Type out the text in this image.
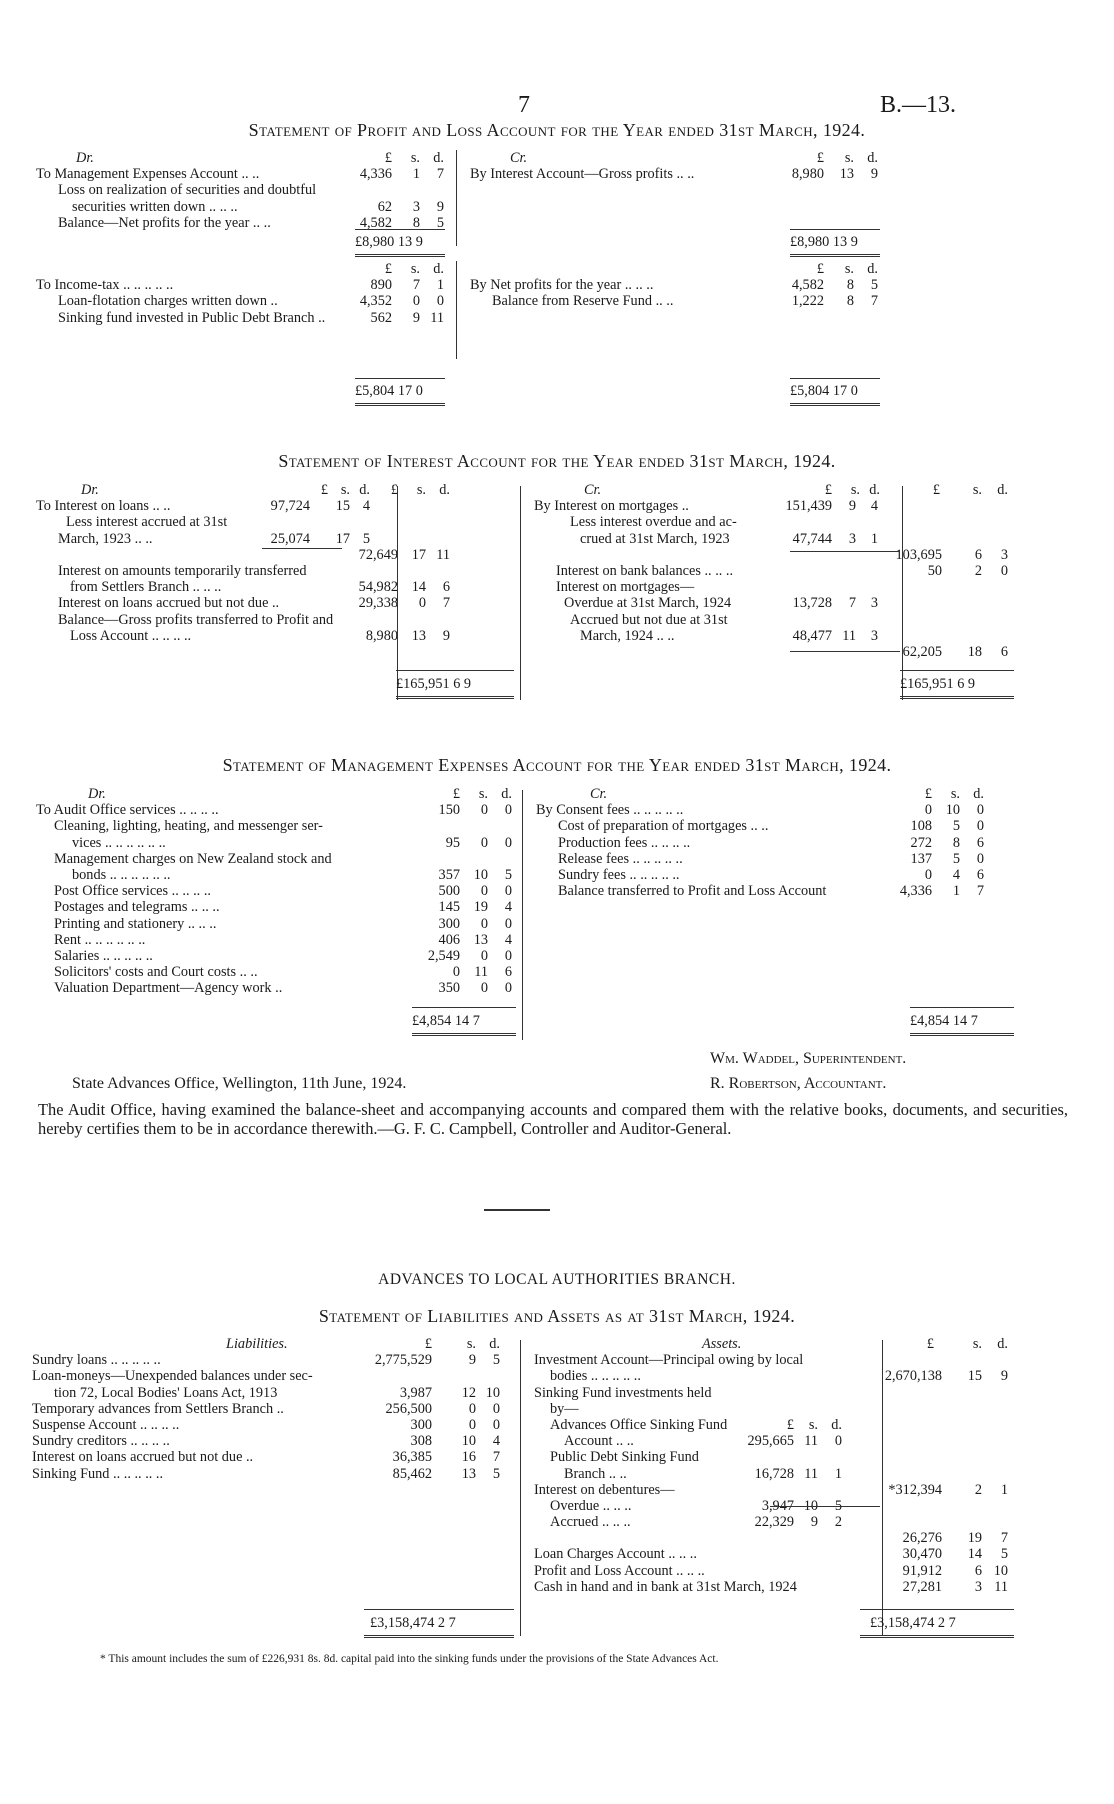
7	B.—13.
Statement of Profit and Loss Account for the Year ended 31st March, 1924.
Dr.	£	s. d.
To Management Expenses Account .. ..	4,336	1	7
Loss on realization of securities and doubtful
securities written down .. .. ..	62	3	9
Balance—Net profits for the year .. ..	4,582	8	5
Cr.	£	s. d.
By Interest Account—Gross profits .. ..	8,980	13	9
£8,980 13 9	£8,980 13 9
£	s. d.
To Income-tax .. .. .. .. ..	890	7	1
Loan-flotation charges written down ..	4,352	0	0
Sinking fund invested in Public Debt Branch ..	562	9 11
£	s. d.
By Net profits for the year .. .. ..	4,582	8	5
Balance from Reserve Fund .. ..	1,222	8	7
£5,804 17 0	£5,804 17 0
Statement of Interest Account for the Year ended 31st March, 1924.
Dr.	£ s. d.	£	s. d.
To Interest on loans .. ..	97,724	15 4
Less interest accrued at 31st
March, 1923 .. ..	25,074	17 5
72,649 17 11
Interest on amounts temporarily transferred
from Settlers Branch .. .. ..	54,982 14	6
Interest on loans accrued but not due ..	29,338	0	7
Balance—Gross profits transferred to Profit and
Loss Account .. .. .. ..	8,980 13	9
Cr.	£	s. d.	£	s.	d.
By Interest on mortgages ..	151,439	9	4
Less interest overdue and ac-
crued at 31st March, 1923	47,744	3	1
103,695	6	3
Interest on bank balances .. .. ..	50	2	0
Interest on mortgages—
Overdue at 31st March, 1924	13,728	7	3
Accrued but not due at 31st
March, 1924 .. ..	48,477 11	3
62,205	18	6
£165,951 6 9	£165,951 6 9
Statement of Management Expenses Account for the Year ended 31st March, 1924.
Dr.	£	s. d.
To Audit Office services .. .. .. ..	150	0	0
Cleaning, lighting, heating, and messenger ser-
vices .. .. .. .. .. ..	95	0	0
Management charges on New Zealand stock and
bonds .. .. .. .. .. ..	357 10	5
Post Office services .. .. .. ..	500	0	0
Postages and telegrams .. .. ..	145 19	4
Printing and stationery .. .. ..	300	0	0
Rent .. .. .. .. .. ..	406 13	4
Salaries .. .. .. .. ..	2,549	0	0
Solicitors' costs and Court costs .. ..	0 11	6
Valuation Department—Agency work ..	350	0	0
Cr.	£	s. d.
By Consent fees .. .. .. .. ..	0 10	0
Cost of preparation of mortgages .. ..	108	5	0
Production fees .. .. .. ..	272	8	6
Release fees .. .. .. .. ..	137	5	0
Sundry fees .. .. .. .. ..	0	4	6
Balance transferred to Profit and Loss Account	4,336	1	7
£4,854 14 7	£4,854 14 7
Wm. Waddel, Superintendent.
State Advances Office, Wellington, 11th June, 1924.	R. Robertson, Accountant.
The Audit Office, having examined the balance-sheet and accompanying accounts and compared them with the relative books, documents, and securities, hereby certifies them to be in accordance therewith.—G. F. C. Campbell, Controller and Auditor-General.
ADVANCES TO LOCAL AUTHORITIES BRANCH.
Statement of Liabilities and Assets as at 31st March, 1924.
Liabilities.	£	s. d.
Sundry loans .. .. .. .. ..	2,775,529	9	5
Loan-moneys—Unexpended balances under sec-
tion 72, Local Bodies' Loans Act, 1913	3,987	12 10
Temporary advances from Settlers Branch ..	256,500	0	0
Suspense Account .. .. .. ..	300	0	0
Sundry creditors .. .. .. ..	308	10	4
Interest on loans accrued but not due ..	36,385	16	7
Sinking Fund .. .. .. .. ..	85,462	13	5
Assets.	£	s.	d.
Investment Account—Principal owing by local
bodies .. .. .. .. ..	2,670,138	15	9
Sinking Fund investments held
by—
Advances Office Sinking Fund	£	s. d.
Account .. ..	295,665 11	0
Public Debt Sinking Fund
Branch .. ..	16,728 11	1
Interest on debentures—	*312,394	2	1
Overdue .. .. ..	3,947 10	5
Accrued .. .. ..	22,329	9	2
26,276	19	7
Loan Charges Account .. .. ..	30,470	14	5
Profit and Loss Account .. .. ..	91,912	6 10
Cash in hand and in bank at 31st March, 1924	27,281	3 11
£3,158,474 2 7	£3,158,474 2 7
* This amount includes the sum of £226,931 8s. 8d. capital paid into the sinking funds under the provisions of the State Advances Act.
